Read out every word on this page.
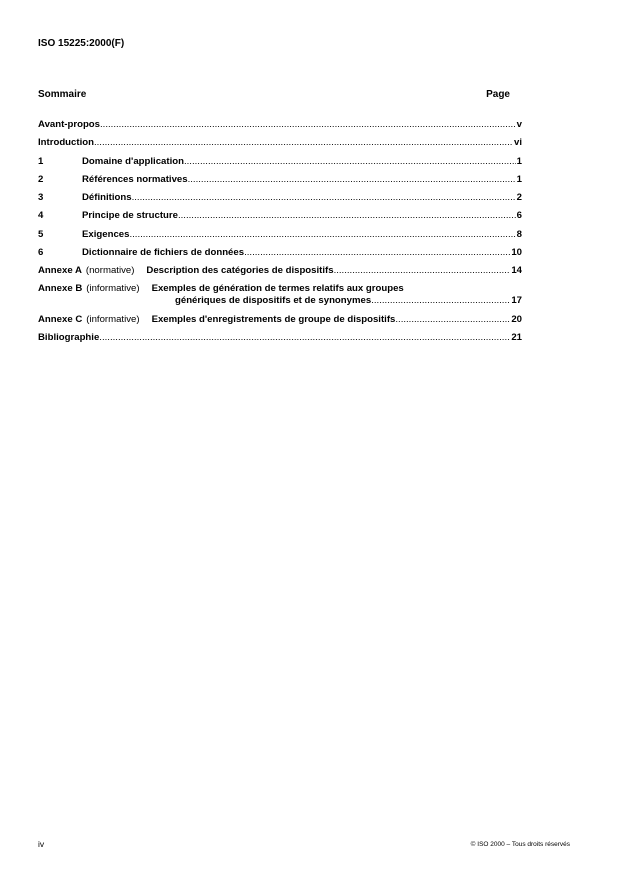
ISO 15225:2000(F)
Sommaire	Page
Avant-propos .....	v
Introduction .....	vi
1	Domaine d'application .....	1
2	Références normatives .....	1
3	Définitions .....	2
4	Principe de structure .....	6
5	Exigences .....	8
6	Dictionnaire de fichiers de données .....	10
Annexe A (normative) Description des catégories de dispositifs .....	14
Annexe B (informative) Exemples de génération de termes relatifs aux groupes
génériques de dispositifs et de synonymes .....	17
Annexe C (informative) Exemples d'enregistrements de groupe de dispositifs .....	20
Bibliographie .....	21
iv	© ISO 2000 – Tous droits réservés
